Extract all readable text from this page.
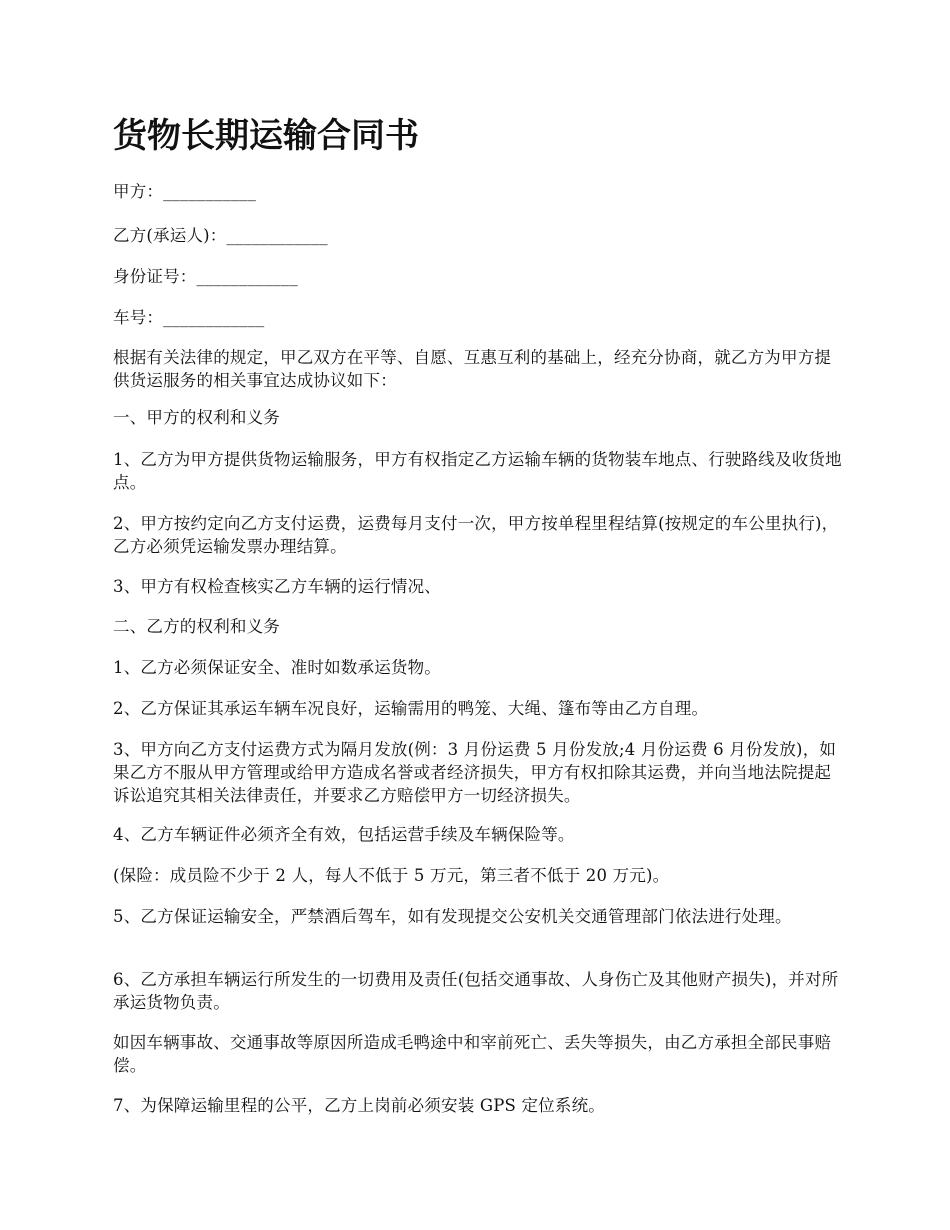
货物长期运输合同书

甲方：___________

乙方(承运人)：____________

身份证号：____________

车号：____________

根据有关法律的规定，甲乙双方在平等、自愿、互惠互利的基础上，经充分协商，就乙方为甲方提供货运服务的相关事宜达成协议如下：

一、甲方的权利和义务

1、乙方为甲方提供货物运输服务，甲方有权指定乙方运输车辆的货物装车地点、行驶路线及收货地点。

2、甲方按约定向乙方支付运费，运费每月支付一次，甲方按单程里程结算(按规定的车公里执行)，乙方必须凭运输发票办理结算。

3、甲方有权检查核实乙方车辆的运行情况、

二、乙方的权利和义务

1、乙方必须保证安全、准时如数承运货物。

2、乙方保证其承运车辆车况良好，运输需用的鸭笼、大绳、篷布等由乙方自理。

3、甲方向乙方支付运费方式为隔月发放(例：3 月份运费 5 月份发放;4 月份运费 6 月份发放)，如果乙方不服从甲方管理或给甲方造成名誉或者经济损失，甲方有权扣除其运费，并向当地法院提起诉讼追究其相关法律责任，并要求乙方赔偿甲方一切经济损失。

4、乙方车辆证件必须齐全有效，包括运营手续及车辆保险等。

(保险：成员险不少于 2 人，每人不低于 5 万元，第三者不低于 20 万元)。

5、乙方保证运输安全，严禁酒后驾车，如有发现提交公安机关交通管理部门依法进行处理。

6、乙方承担车辆运行所发生的一切费用及责任(包括交通事故、人身伤亡及其他财产损失)，并对所承运货物负责。

如因车辆事故、交通事故等原因所造成毛鸭途中和宰前死亡、丢失等损失，由乙方承担全部民事赔偿。

7、为保障运输里程的公平，乙方上岗前必须安装 GPS 定位系统。
